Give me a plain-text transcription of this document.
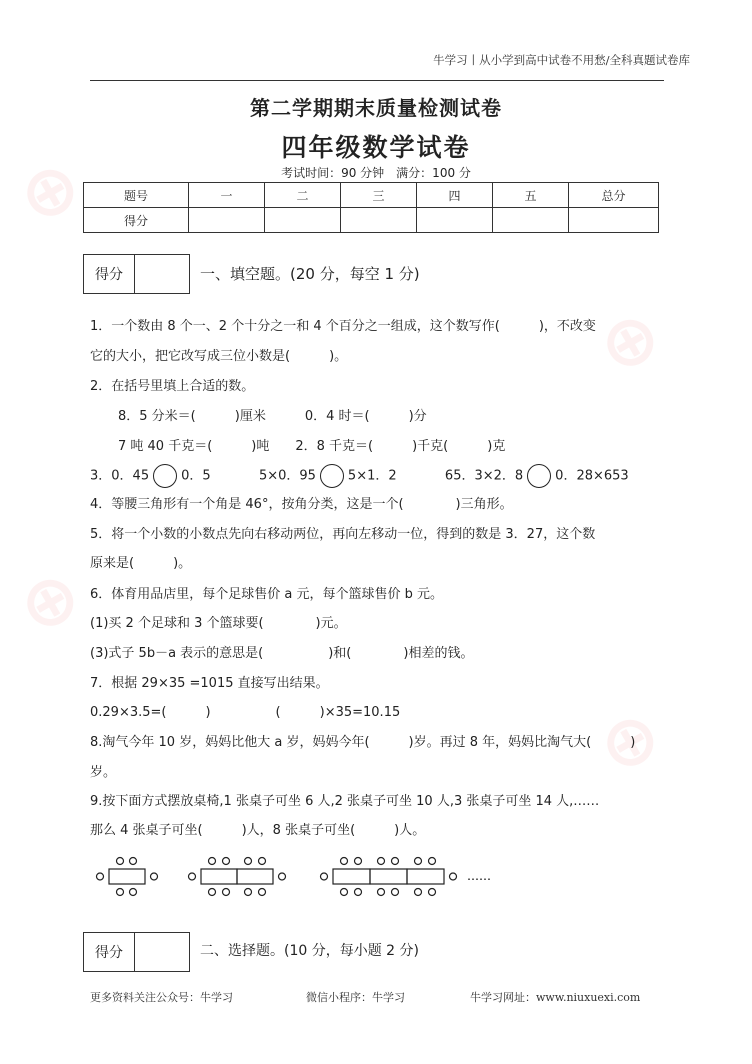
⊕
⊕
⊕
⊕
牛学习丨从小学到高中试卷不用愁/全科真题试卷库
第二学期期末质量检测试卷
四年级数学试卷
考试时间：90 分钟　满分：100 分
题号	一	二	三	四	五	总分
得分						
得分	一、填空题。(20 分，每空 1 分)
1．一个数由 8 个一、2 个十分之一和 4 个百分之一组成，这个数写作(　　　)，不改变
它的大小，把它改写成三位小数是(　　　)。
2．在括号里填上合适的数。
8．5 分米＝(　　　)厘米　　　0．4 时＝(　　　)分
7 吨 40 千克＝(　　　)吨　　2．8 千克＝(　　　)千克(　　　)克
3．0．45 0．5	5×0．95 5×1．2	65．3×2．8 0．28×653
4．等腰三角形有一个角是 46°，按角分类，这是一个(　　　　)三角形。
5．将一个小数的小数点先向右移动两位，再向左移动一位，得到的数是 3．27，这个数
原来是(　　　)。
6．体育用品店里，每个足球售价 a 元，每个篮球售价 b 元。
(1)买 2 个足球和 3 个篮球要(　　　　)元。
(3)式子 5b－a 表示的意思是(　　　　　)和(　　　　)相差的钱。
7．根据 29×35 =1015 直接写出结果。
0.29×3.5=(　　　)　　　　　(　　　)×35=10.15
8.淘气今年 10 岁，妈妈比他大 a 岁，妈妈今年(　　　)岁。再过 8 年，妈妈比淘气大(　　　)
岁。
9.按下面方式摆放桌椅,1 张桌子可坐 6 人,2 张桌子可坐 10 人,3 张桌子可坐 14 人,……
那么 4 张桌子可坐(　　　)人，8 张桌子可坐(　　　)人。
……
得分	二、选择题。(10 分，每小题 2 分)
更多资料关注公众号：牛学习	微信小程序：牛学习	牛学习网址：www.niuxuexi.com
